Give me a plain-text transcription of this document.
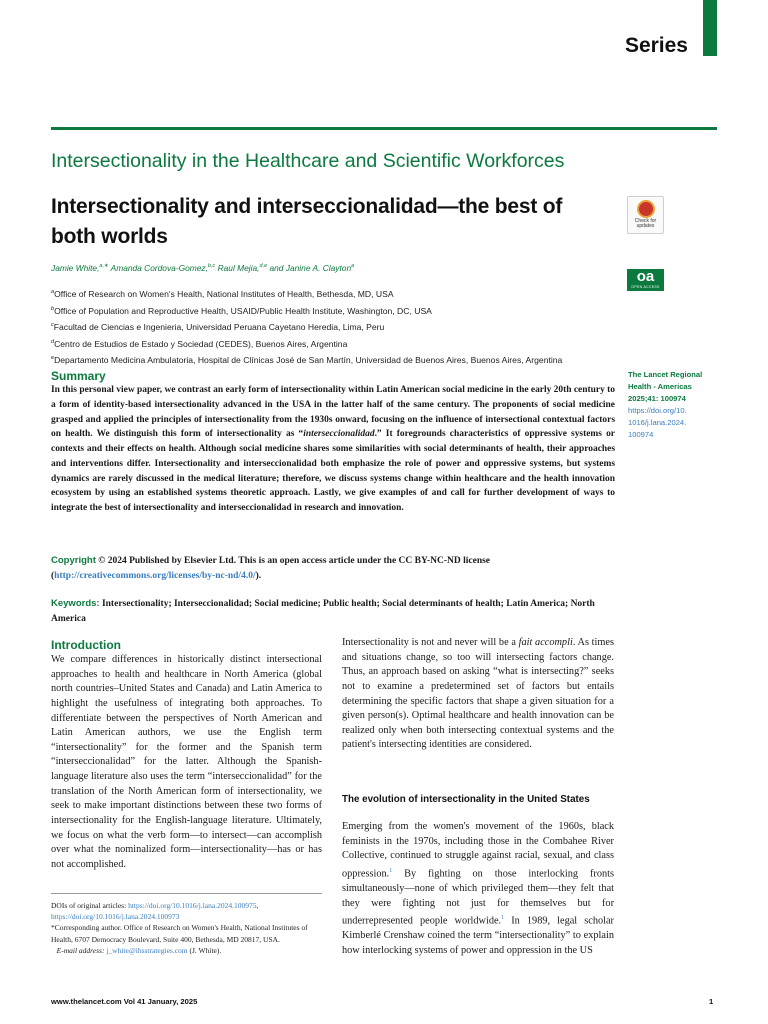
Series
Intersectionality in the Healthcare and Scientific Workforces
Intersectionality and interseccionalidad—the best of both worlds
Check for
updates
oa
OPEN ACCESS
Jamie White,$^{a,∗}$ Amanda Cordova-Gomez,$^{b,c}$ Raul Mejia,$^{d,e}$ and Janine A. Clayton$^a$
$^a$Office of Research on Women's Health, National Institutes of Health, Bethesda, MD, USA
$^b$Office of Population and Reproductive Health, USAID/Public Health Institute, Washington, DC, USA
$^c$Facultad de Ciencias e Ingenieria, Universidad Peruana Cayetano Heredia, Lima, Peru
$^d$Centro de Estudios de Estado y Sociedad (CEDES), Buenos Aires, Argentina
$^e$Departamento Medicina Ambulatoria, Hospital de Clínicas José de San Martín, Universidad de Buenos Aires, Buenos Aires, Argentina
Summary
In this personal view paper, we contrast an early form of intersectionality within Latin American social medicine in the early 20th century to a form of identity-based intersectionality advanced in the USA in the latter half of the same century. The proponents of social medicine grasped and applied the principles of intersectionality from the 1930s onward, focusing on the influence of intersectional contextual factors on health. We distinguish this form of intersectionality as “interseccionalidad.” It foregrounds characteristics of oppressive systems or contexts and their effects on health. Although social medicine shares some similarities with social determinants of health, their approaches and interventions differ. Intersectionality and interseccionalidad both emphasize the role of power and oppressive systems, but systems dynamics are rarely discussed in the medical literature; therefore, we discuss systems change within healthcare and the health innovation ecosystem by using an established systems theoretic approach. Lastly, we give examples of and call for further development of ways to integrate the best of intersectionality and interseccionalidad in research and innovation.
The Lancet Regional
Health - Americas
2025;41: 100974
https://doi.org/10.
1016/j.lana.2024.
100974
Copyright © 2024 Published by Elsevier Ltd. This is an open access article under the CC BY-NC-ND license (http://creativecommons.org/licenses/by-nc-nd/4.0/).
Keywords: Intersectionality; Interseccionalidad; Social medicine; Public health; Social determinants of health; Latin America; North America
Introduction
We compare differences in historically distinct intersectional approaches to health and healthcare in North America (global north countries–United States and Canada) and Latin America to highlight the usefulness of integrating both approaches. To differentiate between the perspectives of North American and Latin American authors, we use the English term “intersectionality” for the former and the Spanish term “interseccionalidad” for the latter. Although the Spanish-language literature also uses the term “interseccionalidad” for the translation of the North American form of intersectionality, we seek to make important distinctions between these two forms of intersectionality for the English-language literature. Ultimately, we focus on what the verb form—to intersect—can accomplish over what the nominalized form—intersectionality—has or has not accomplished.
Intersectionality is not and never will be a fait accompli. As times and situations change, so too will intersecting factors change. Thus, an approach based on asking “what is intersecting?” seeks not to examine a predetermined set of factors but entails determining the specific factors that shape a given situation for a given person(s). Optimal healthcare and health innovation can be realized only when both intersecting contextual systems and the patient's intersecting identities are considered.
The evolution of intersectionality in the United States
Emerging from the women's movement of the 1960s, black feminists in the 1970s, including those in the Combahee River Collective, continued to struggle against racial, sexual, and class oppression.$^1$ By fighting on those interlocking fronts simultaneously—none of which privileged them—they felt that they were fighting not just for themselves but for underrepresented people worldwide.$^1$ In 1989, legal scholar Kimberlé Crenshaw coined the term “intersectionality” to explain how interlocking systems of power and oppression in the US
DOIs of original articles: https://doi.org/10.1016/j.lana.2024.100975, https://doi.org/10.1016/j.lana.2024.100973
*Corresponding author. Office of Research on Women's Health, National Institutes of Health, 6707 Democracy Boulevard, Suite 400, Bethesda, MD 20817, USA.
E-mail address: j_white@ihsstrategies.com (J. White).
www.thelancet.com Vol 41 January, 2025	1
